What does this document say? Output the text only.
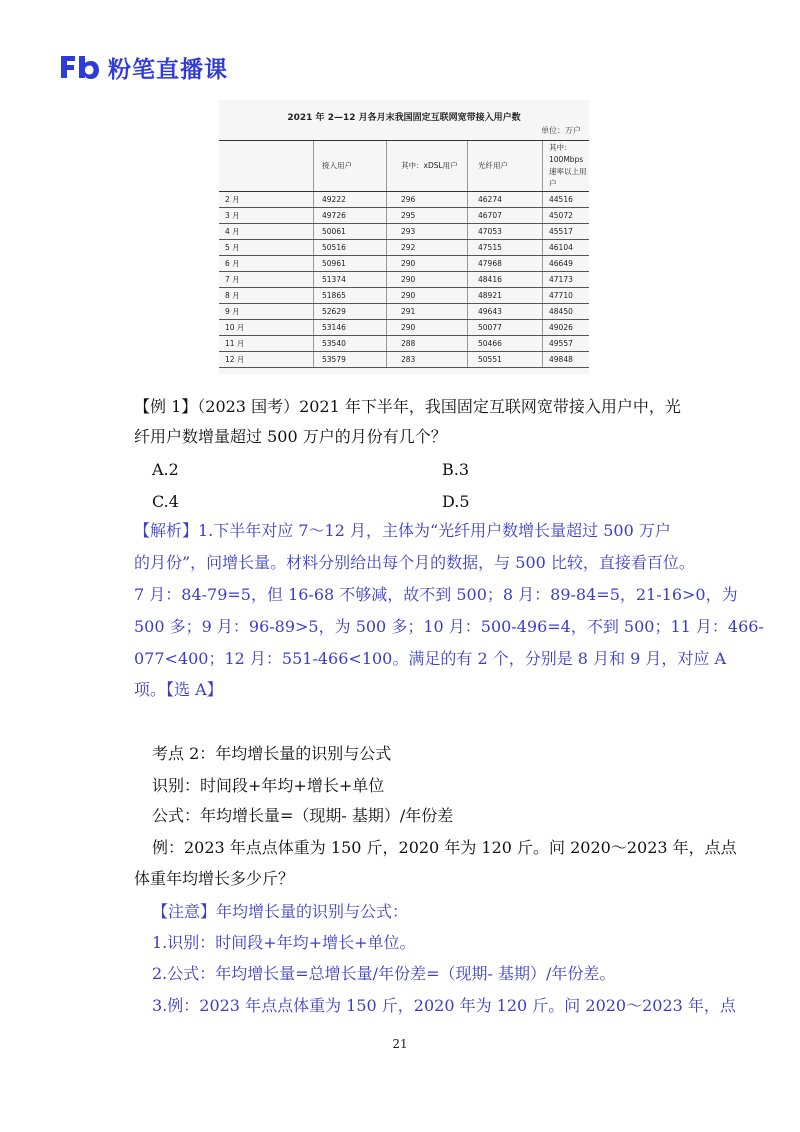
粉笔直播课
2021 年 2—12 月各月末我国固定互联网宽带接入用户数
单位：万户
	接入用户	其中：xDSL用户	光纤用户	其中：100Mbps速率以上用户
2 月	49222	296	46274	44516
3 月	49726	295	46707	45072
4 月	50061	293	47053	45517
5 月	50516	292	47515	46104
6 月	50961	290	47968	46649
7 月	51374	290	48416	47173
8 月	51865	290	48921	47710
9 月	52629	291	49643	48450
10 月	53146	290	50077	49026
11 月	53540	288	50466	49557
12 月	53579	283	50551	49848
【例 1】（2023 国考）2021 年下半年，我国固定互联网宽带接入用户中，光
纤用户数增量超过 500 万户的月份有几个？
A.2	B.3
C.4	D.5
【解析】1.下半年对应 7～12 月，主体为“光纤用户数增长量超过 500 万户
的月份”，问增长量。材料分别给出每个月的数据，与 500 比较，直接看百位。
7 月：84-79=5，但 16-68 不够减，故不到 500；8 月：89-84=5，21-16>0，为
500 多；9 月：96-89>5，为 500 多；10 月：500-496=4，不到 500；11 月：466-
077<400；12 月：551-466<100。满足的有 2 个，分别是 8 月和 9 月，对应 A
项。【选 A】
考点 2：年均增长量的识别与公式
识别：时间段+年均+增长+单位
公式：年均增长量=（现期- 基期）/年份差
例：2023 年点点体重为 150 斤，2020 年为 120 斤。问 2020～2023 年，点点
体重年均增长多少斤？
【注意】年均增长量的识别与公式：
1.识别：时间段+年均+增长+单位。
2.公式：年均增长量=总增长量/年份差=（现期- 基期）/年份差。
3.例：2023 年点点体重为 150 斤，2020 年为 120 斤。问 2020～2023 年，点
21
